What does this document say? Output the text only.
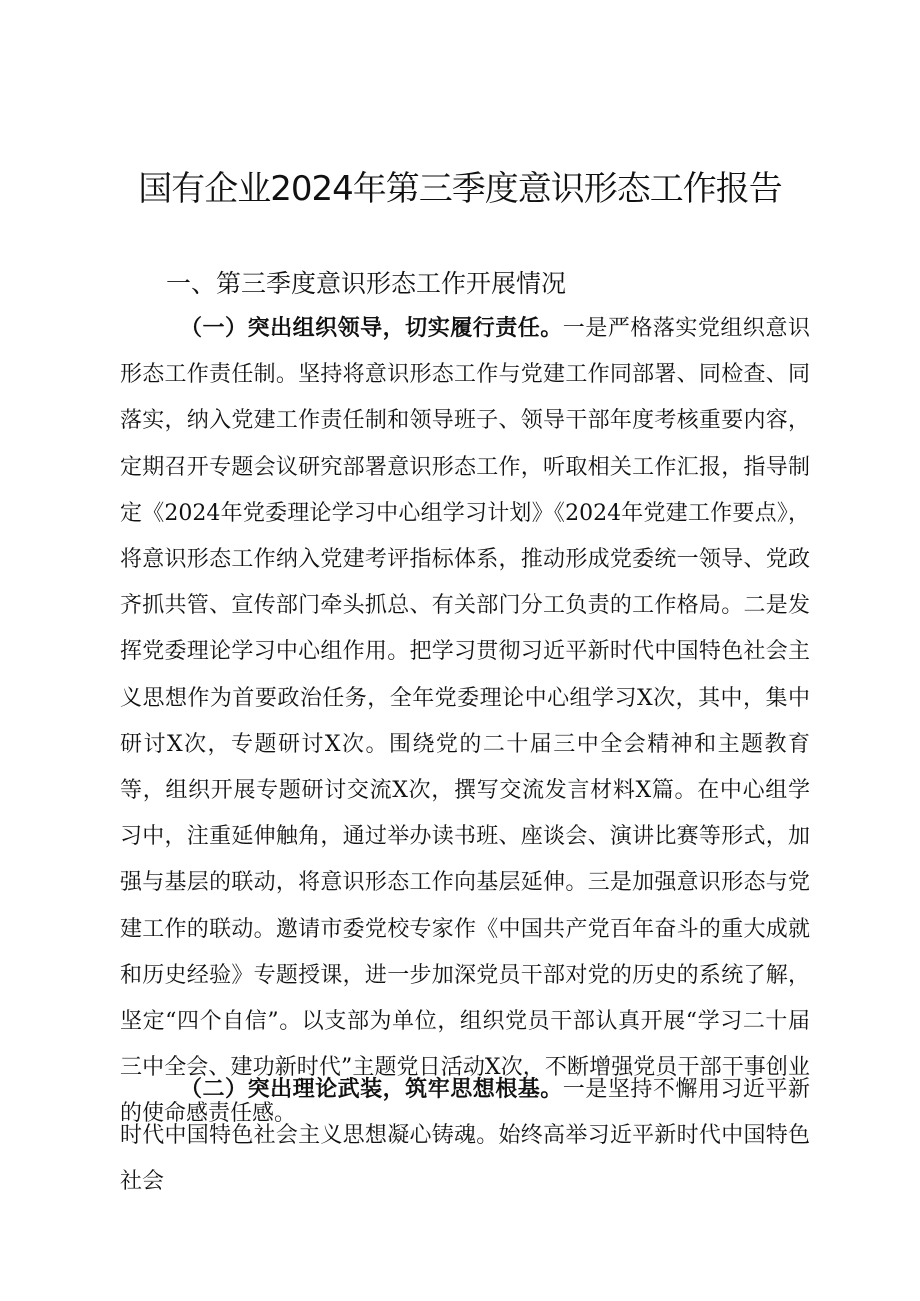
国有企业2024年第三季度意识形态工作报告
一、第三季度意识形态工作开展情况

（一）突出组织领导，切实履行责任。一是严格落实党组织意识形态工作责任制。坚持将意识形态工作与党建工作同部署、同检查、同落实，纳入党建工作责任制和领导班子、领导干部年度考核重要内容，定期召开专题会议研究部署意识形态工作，听取相关工作汇报，指导制定《2024年党委理论学习中心组学习计划》《2024年党建工作要点》，将意识形态工作纳入党建考评指标体系，推动形成党委统一领导、党政齐抓共管、宣传部门牵头抓总、有关部门分工负责的工作格局。二是发挥党委理论学习中心组作用。把学习贯彻习近平新时代中国特色社会主义思想作为首要政治任务，全年党委理论中心组学习X次，其中，集中研讨X次，专题研讨X次。围绕党的二十届三中全会精神和主题教育等，组织开展专题研讨交流X次，撰写交流发言材料X篇。在中心组学习中，注重延伸触角，通过举办读书班、座谈会、演讲比赛等形式，加强与基层的联动，将意识形态工作向基层延伸。三是加强意识形态与党建工作的联动。邀请市委党校专家作《中国共产党百年奋斗的重大成就和历史经验》专题授课，进一步加深党员干部对党的历史的系统了解，坚定“四个自信”。以支部为单位，组织党员干部认真开展“学习二十届三中全会、建功新时代”主题党日活动X次，不断增强党员干部干事创业的使命感责任感。

（二）突出理论武装，筑牢思想根基。一是坚持不懈用习近平新时代中国特色社会主义思想凝心铸魂。始终高举习近平新时代中国特色社会
